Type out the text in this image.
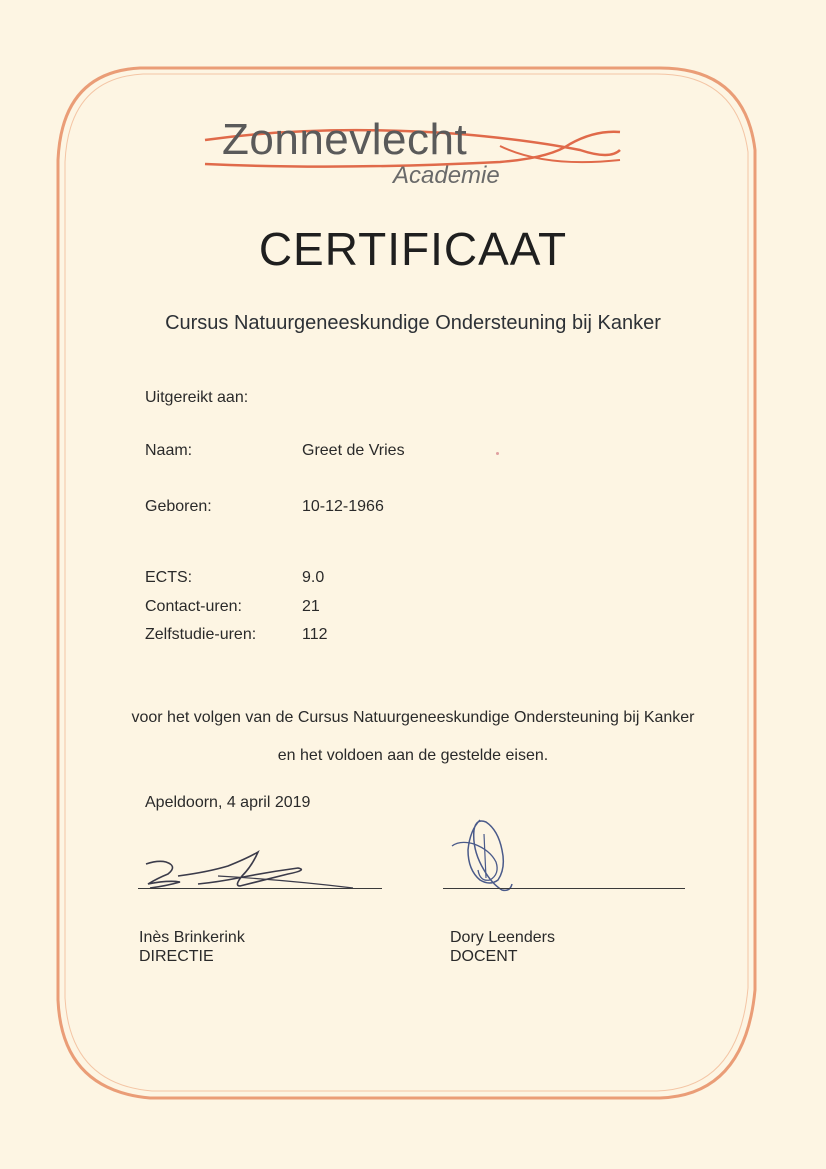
Zonnevlecht
Academie
CERTIFICAAT
Cursus Natuurgeneeskundige Ondersteuning bij Kanker
Uitgereikt aan:
Naam:	Greet de Vries
Geboren:	10-12-1966
ECTS:	9.0
Contact-uren:	21
Zelfstudie-uren:	112
voor het volgen van de Cursus Natuurgeneeskundige Ondersteuning bij Kanker
en het voldoen aan de gestelde eisen.
Apeldoorn, 4 april 2019
Inès Brinkerink
DIRECTIE
Dory Leenders
DOCENT
